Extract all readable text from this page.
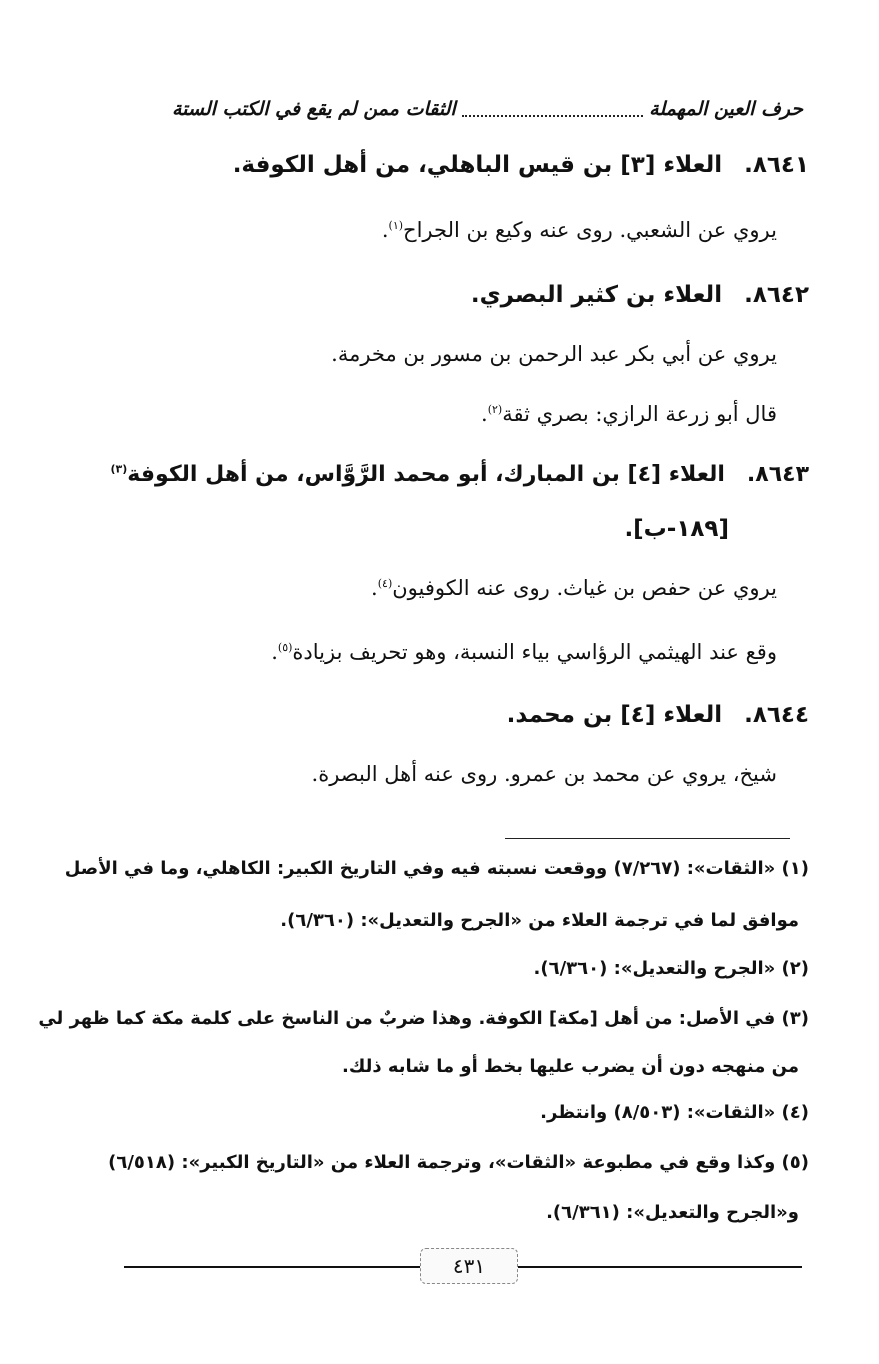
حرف العين المهملة
الثقات ممن لم يقع في الكتب الستة
٨٦٤١.العلاء [٣] بن قيس الباهلي، من أهل الكوفة.
يروي عن الشعبي. روى عنه وكيع بن الجراح$^{(١)}$.
٨٦٤٢.العلاء بن كثير البصري.
يروي عن أبي بكر عبد الرحمن بن مسور بن مخرمة.
قال أبو زرعة الرازي: بصري ثقة$^{(٢)}$.
٨٦٤٣.العلاء [٤] بن المبارك، أبو محمد الرَّوَّاس، من أهل الكوفة$^{(٣)}$
[١٨٩-ب].
يروي عن حفص بن غياث. روى عنه الكوفيون$^{(٤)}$.
وقع عند الهيثمي الرؤاسي بياء النسبة، وهو تحريف بزيادة$^{(٥)}$.
٨٦٤٤.العلاء [٤] بن محمد.
شيخ، يروي عن محمد بن عمرو. روى عنه أهل البصرة.
(١) «الثقات»: (٧/٢٦٧) ووقعت نسبته فيه وفي التاريخ الكبير: الكاهلي، وما في الأصل
موافق لما في ترجمة العلاء من «الجرح والتعديل»: (٦/٣٦٠).
(٢) «الجرح والتعديل»: (٦/٣٦٠).
(٣) في الأصل: من أهل [مكة] الكوفة. وهذا ضربٌ من الناسخ على كلمة مكة كما ظهر لي
من منهجه دون أن يضرب عليها بخط أو ما شابه ذلك.
(٤) «الثقات»: (٨/٥٠٣) وانتظر.
(٥) وكذا وقع في مطبوعة «الثقات»، وترجمة العلاء من «التاريخ الكبير»: (٦/٥١٨)
و«الجرح والتعديل»: (٦/٣٦١).
٤٣١
